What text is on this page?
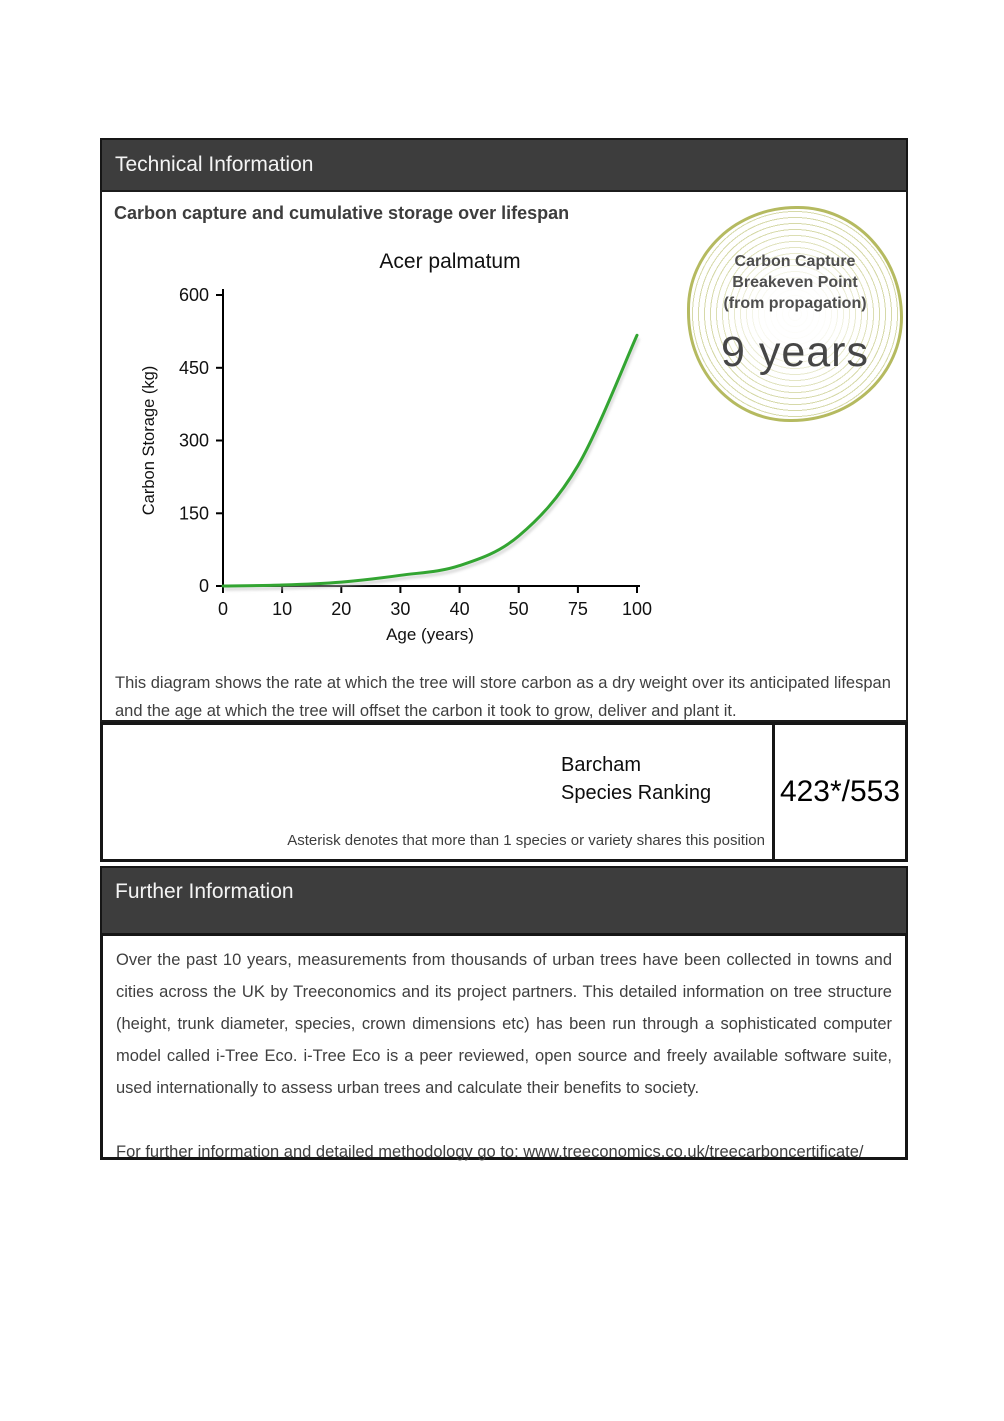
Technical Information
Carbon capture and cumulative storage over lifespan
Acer palmatum
Carbon Storage (kg)
Age (years)
0 10 20 30 40 50 75 100
0
150
300
450
600
Carbon Capture
Breakeven Point
(from propagation)
9 years
This diagram shows the rate at which the tree will store carbon as a dry weight over its anticipated lifespan and the age at which the tree will offset the carbon it took to grow, deliver and plant it.
Barcham
Species Ranking
Asterisk denotes that more than 1 species or variety shares this position
423*/553
Further Information

Over the past 10 years, measurements from thousands of urban trees have been collected in towns and cities across the UK by Treeconomics and its project partners. This detailed information on tree structure (height, trunk diameter, species, crown dimensions etc) has been run through a sophisticated computer model called i-Tree Eco. i-Tree Eco is a peer reviewed, open source and freely available software suite, used internationally to assess urban trees and calculate their benefits to society.

For further information and detailed methodology go to: www.treeconomics.co.uk/treecarboncertificate/
